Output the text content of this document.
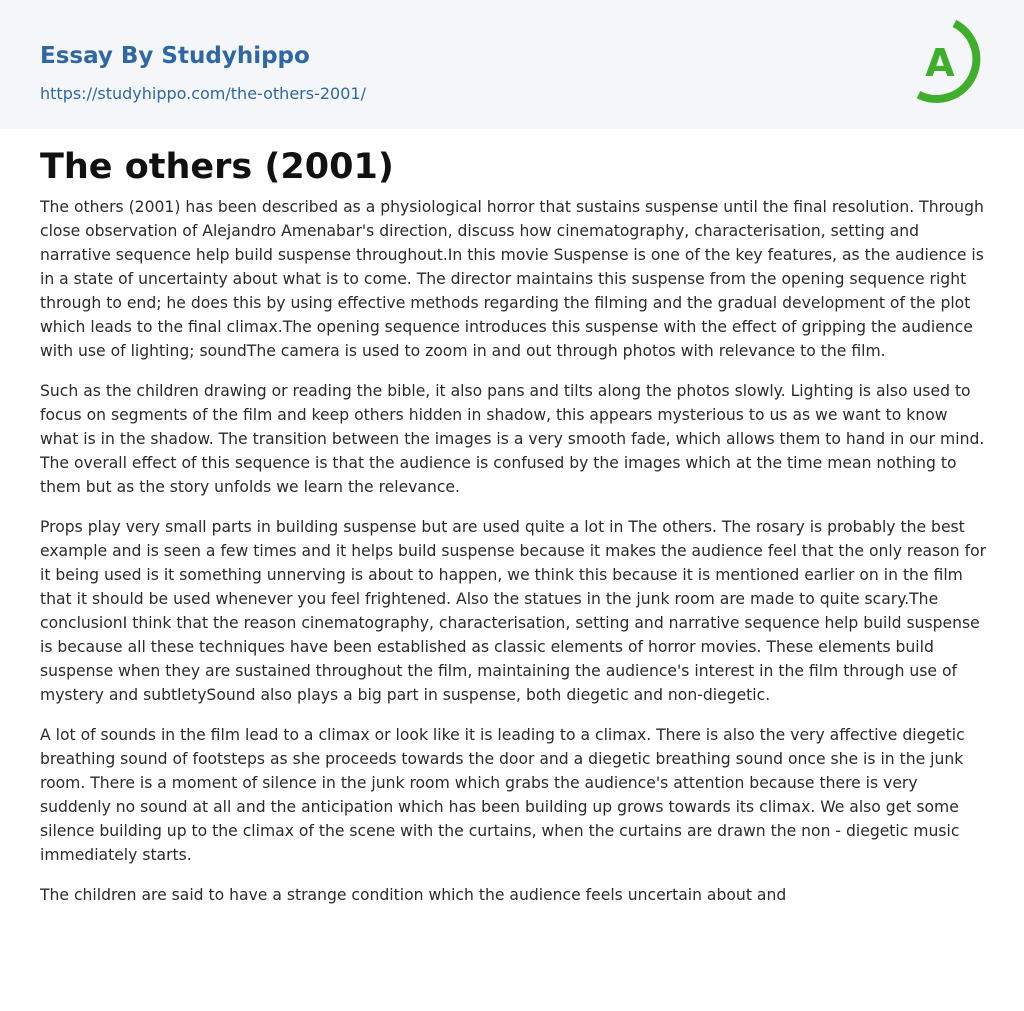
Essay By Studyhippo
https://studyhippo.com/the-others-2001/
A
The others (2001)

The others (2001) has been described as a physiological horror that sustains suspense until the final resolution. Through close observation of Alejandro Amenabar's direction, discuss how cinematography, characterisation, setting and narrative sequence help build suspense throughout.In this movie Suspense is one of the key features, as the audience is in a state of uncertainty about what is to come. The director maintains this suspense from the opening sequence right through to end; he does this by using effective methods regarding the filming and the gradual development of the plot which leads to the final climax.The opening sequence introduces this suspense with the effect of gripping the audience with use of lighting; soundThe camera is used to zoom in and out through photos with relevance to the film.

Such as the children drawing or reading the bible, it also pans and tilts along the photos slowly. Lighting is also used to focus on segments of the film and keep others hidden in shadow, this appears mysterious to us as we want to know what is in the shadow. The transition between the images is a very smooth fade, which allows them to hand in our mind. The overall effect of this sequence is that the audience is confused by the images which at the time mean nothing to them but as the story unfolds we learn the relevance.

Props play very small parts in building suspense but are used quite a lot in The others. The rosary is probably the best example and is seen a few times and it helps build suspense because it makes the audience feel that the only reason for it being used is it something unnerving is about to happen, we think this because it is mentioned earlier on in the film that it should be used whenever you feel frightened. Also the statues in the junk room are made to quite scary.The conclusionI think that the reason cinematography, characterisation, setting and narrative sequence help build suspense is because all these techniques have been established as classic elements of horror movies. These elements build suspense when they are sustained throughout the film, maintaining the audience's interest in the film through use of mystery and subtletySound also plays a big part in suspense, both diegetic and non-diegetic.

A lot of sounds in the film lead to a climax or look like it is leading to a climax. There is also the very affective diegetic breathing sound of footsteps as she proceeds towards the door and a diegetic breathing sound once she is in the junk room. There is a moment of silence in the junk room which grabs the audience's attention because there is very suddenly no sound at all and the anticipation which has been building up grows towards its climax. We also get some silence building up to the climax of the scene with the curtains, when the curtains are drawn the non - diegetic music immediately starts.

The children are said to have a strange condition which the audience feels uncertain about and
